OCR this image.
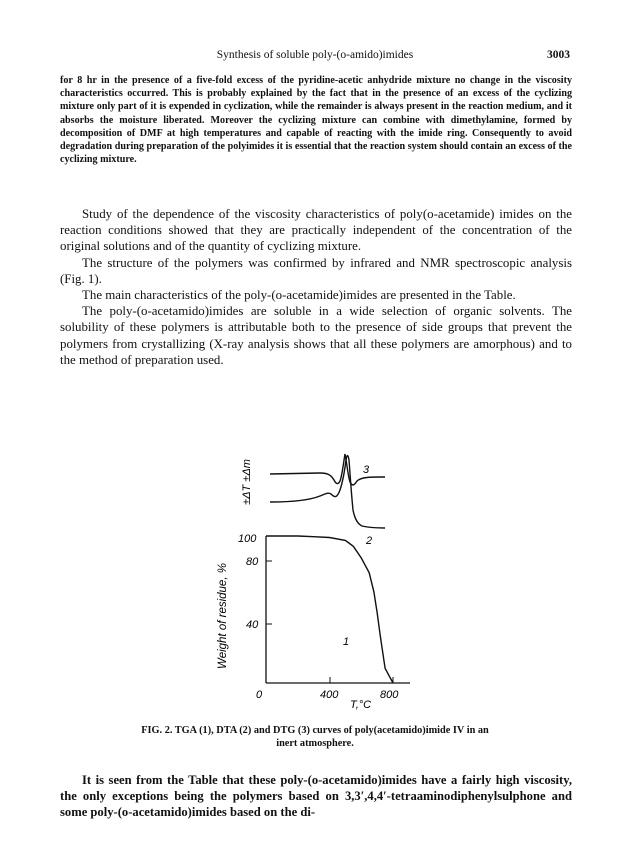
Synthesis of soluble poly-(o-amido)imides	3003

for 8 hr in the presence of a five-fold excess of the pyridine-acetic anhydride mixture no change in the viscosity characteristics occurred. This is probably explained by the fact that in the presence of an excess of the cyclizing mixture only part of it is expended in cyclization, while the remainder is always present in the reaction medium, and it absorbs the moisture liberated. Moreover the cyclizing mixture can combine with dimethylamine, formed by decomposition of DMF at high temperatures and capable of reacting with the imide ring. Consequently to avoid degradation during preparation of the polyimides it is essential that the reaction system should contain an excess of the cyclizing mixture.

Study of the dependence of the viscosity characteristics of poly(o-acetamide) imides on the reaction conditions showed that they are practically independent of the concentration of the original solutions and of the quantity of cyclizing mixture.

The structure of the polymers was confirmed by infrared and NMR spectroscopic analysis (Fig. 1).

The main characteristics of the poly-(o-acetamide)imides are presented in the Table.

The poly-(o-acetamido)imides are soluble in a wide selection of organic solvents. The solubility of these polymers is attributable both to the presence of side groups that prevent the polymers from crystallizing (X-ray analysis shows that all these polymers are amorphous) and to the method of preparation used.

±ΔT ±Δm
Weight of residue, %
100
80
40
0	400	800
T,°C
3
2
1
FIG. 2. TGA (1), DTA (2) and DTG (3) curves of poly(acetamido)imide IV in an
inert atmosphere.

It is seen from the Table that these poly-(o-acetamido)imides have a fairly high viscosity, the only exceptions being the polymers based on 3,3′,4,4′-tetraaminodiphenylsulphone and some poly-(o-acetamido)imides based on the di-
